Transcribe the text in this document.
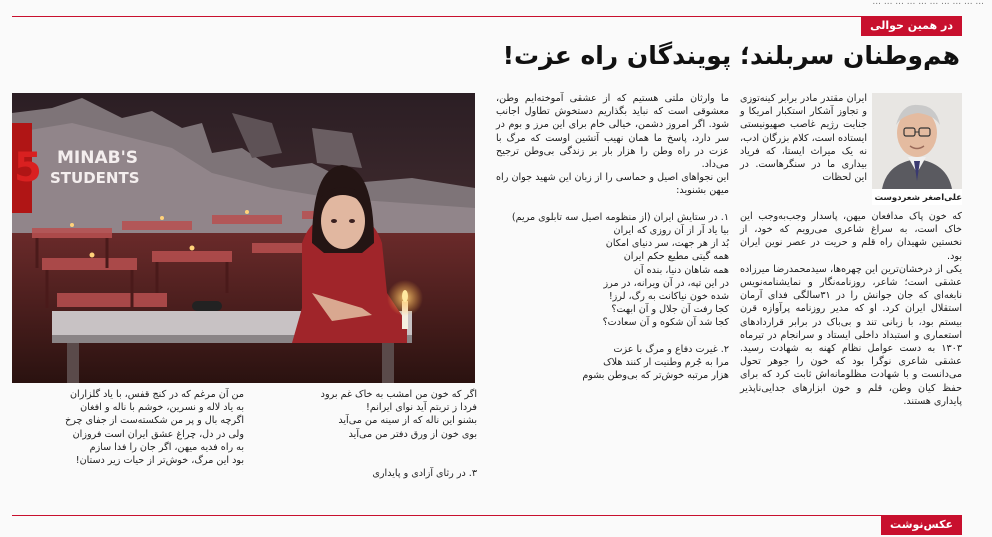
... ... ... ... ... ... ... ... ... ...
در همین حوالی
هم‌وطنان سربلند؛ پویندگان راه عزت!
5 MINAB'S
STUDENTS
علی‌اصغر شعردوست

ایران مقتدر مادر برابر کینه‌توزی و تجاوز آشکار استکبار امریکا و جنایت رژیم غاصب صهیونیستی ایستاده است، کلام بزرگان ادب، نه یک میراث ایستا، که فریاد بیداری ما در سنگرهاست. در این لحظات

که خون پاک مدافعان میهن، پاسدار وجب‌به‌وجب این خاک است، به سراغ شاعری می‌رویم که خود، از نخستین شهیدان راه قلم و حریت در عصر نوین ایران بود.

یکی از درخشان‌ترین این چهره‌ها، سیدمحمدرضا میرزاده عشقی است؛ شاعر، روزنامه‌نگار و نمایشنامه‌نویس نابغه‌ای که جان جوانش را در ۳۱سالگی فدای آرمان استقلال ایران کرد. او که مدیر روزنامه پرآوازه قرن بیستم بود، با زبانی تند و بی‌باک در برابر قراردادهای استعماری و استبداد داخلی ایستاد و سرانجام در تیرماه ۱۳۰۳ به دست عوامل نظام کهنه به شهادت رسید. عشقی شاعری نوگرا بود که خون را جوهر تحول می‌دانست و با شهادت مظلومانه‌اش ثابت کرد که برای حفظ کیان وطن، قلم و خون ابزارهای جدایی‌ناپذیر پایداری هستند.

ما وارثان ملتی هستیم که از عشقی آموخته‌ایم وطن، معشوقی است که نباید بگذاریم دستخوش تطاول اجانب شود. اگر امروز دشمن، خیالی خام برای این مرز و بوم در سر دارد، پاسخ ما همان نهیب آتشین اوست که مرگ با عزت در راه وطن را هزار بار بر زندگی بی‌وطن ترجیح می‌داد.

این نجواهای اصیل و حماسی را از زبان این شهید جوان راه میهن بشنوید:

۱. در ستایش ایران (از منظومه اصیل سه تابلوی مریم)

بیا یاد آر از آن روزی که ایران

بُد از هر جهت، سر دنیای امکان

همه گیتی مطیع حکم ایران

همه شاهان دنیا، بنده آن

در این تپه، در آن ویرانه، در مرز

شده خون نیاکانت به رگ، لرز!

کجا رفت آن جلال و آن ابهت؟

کجا شد آن شکوه و آن سعادت؟

۲. غیرت دفاع و مرگ با عزت

مرا به جُرم وطنیت ار کنند هلاک

هزار مرتبه خوش‌تر که بی‌وطن بشوم

اگر که خون من امشب به خاک غم برود

فردا ز تربتم آید نوای ایرانم!

بشنو این ناله که از سینه من می‌آید

بوی خون از ورق دفتر من می‌آید

۳. در رثای آزادی و پایداری

من آن مرغم که در کنج قفس، با یاد گلزاران

به یاد لاله و نسرین، خوشم با ناله و افغان

اگرچه بال و پر من شکسته‌ست از جفای چرخ

ولی در دل، چراغ عشق ایران است فروزان

به راه فدیه میهن، اگر جان را فدا سازم

بود این مرگ، خوش‌تر از حیات زیر دستان!

عکس‌نوشت
